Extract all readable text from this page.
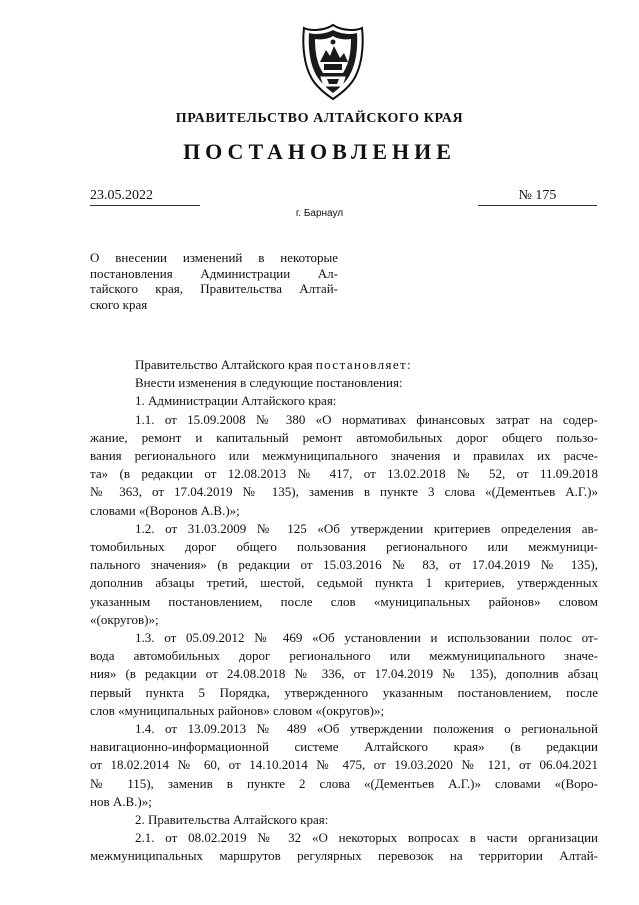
ПРАВИТЕЛЬСТВО АЛТАЙСКОГО КРАЯ
ПОСТАНОВЛЕНИЕ
23.05.2022	№ 175
г. Барнаул
О внесении изменений в некоторые
постановления Администрации Ал-
тайского края, Правительства Алтай-
ского края
Правительство Алтайского края постановляет:
Внести изменения в следующие постановления:
1. Администрации Алтайского края:
1.1. от 15.09.2008 № 380 «О нормативах финансовых затрат на содер-
жание, ремонт и капитальный ремонт автомобильных дорог общего пользо-
вания регионального или межмуниципального значения и правилах их расче-
та» (в редакции от 12.08.2013 № 417, от 13.02.2018 № 52, от 11.09.2018
№ 363, от 17.04.2019 № 135), заменив в пункте 3 слова «(Дементьев А.Г.)»
словами «(Воронов А.В.)»;
1.2. от 31.03.2009 № 125 «Об утверждении критериев определения ав-
томобильных дорог общего пользования регионального или межмуници-
пального значения» (в редакции от 15.03.2016 № 83, от 17.04.2019 № 135),
дополнив абзацы третий, шестой, седьмой пункта 1 критериев, утвержденных
указанным постановлением, после слов «муниципальных районов» словом
«(округов)»;
1.3. от 05.09.2012 № 469 «Об установлении и использовании полос от-
вода автомобильных дорог регионального или межмуниципального значе-
ния» (в редакции от 24.08.2018 № 336, от 17.04.2019 № 135), дополнив абзац
первый пункта 5 Порядка, утвержденного указанным постановлением, после
слов «муниципальных районов» словом «(округов)»;
1.4. от 13.09.2013 № 489 «Об утверждении положения о региональной
навигационно-информационной системе Алтайского края» (в редакции
от 18.02.2014 № 60, от 14.10.2014 № 475, от 19.03.2020 № 121, от 06.04.2021
№ 115), заменив в пункте 2 слова «(Дементьев А.Г.)» словами «(Воро-
нов А.В.)»;
2. Правительства Алтайского края:
2.1. от 08.02.2019 № 32 «О некоторых вопросах в части организации
межмуниципальных маршрутов регулярных перевозок на территории Алтай-
